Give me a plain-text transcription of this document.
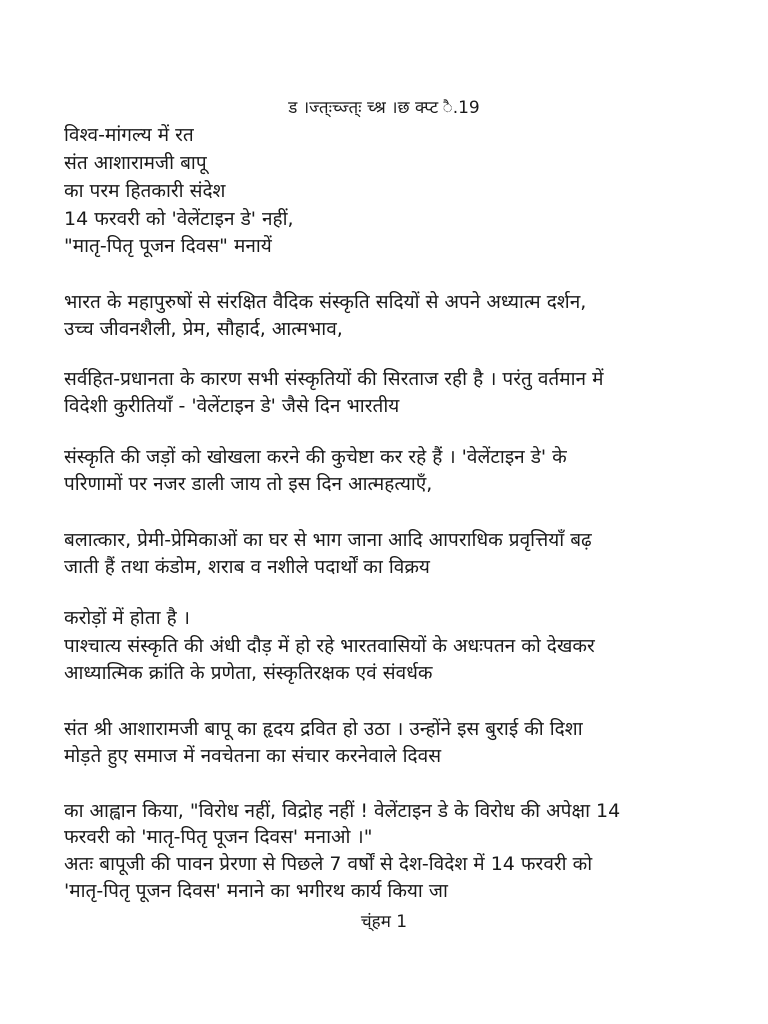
ड ।ज्त्ःच्ज्त्ः च्श्र ।छ क्प्ट ै.19
विश्व-मांगल्य में रत
संत आशारामजी बापू
का परम हितकारी संदेश
14 फरवरी को 'वेलेंटाइन डे' नहीं,
"मातृ-पितृ पूजन दिवस" मनायें
भारत के महापुरुषों से संरक्षित वैदिक संस्कृति सदियों से अपने अध्यात्म दर्शन,
उच्च जीवनशैली, प्रेम, सौहार्द, आत्मभाव,
सर्वहित-प्रधानता के कारण सभी संस्कृतियों की सिरताज रही है । परंतु वर्तमान में
विदेशी कुरीतियाँ - 'वेलेंटाइन डे' जैसे दिन भारतीय
संस्कृति की जड़ों को खोखला करने की कुचेष्टा कर रहे हैं । 'वेलेंटाइन डे' के
परिणामों पर नजर डाली जाय तो इस दिन आत्महत्याएँ,
बलात्कार, प्रेमी-प्रेमिकाओं का घर से भाग जाना आदि आपराधिक प्रवृत्तियाँ बढ़
जाती हैं तथा कंडोम, शराब व नशीले पदार्थों का विक्रय
करोड़ों में होता है ।
पाश्चात्य संस्कृति की अंधी दौड़ में हो रहे भारतवासियों के अधःपतन को देखकर
आध्यात्मिक क्रांति के प्रणेता, संस्कृतिरक्षक एवं संवर्धक
संत श्री आशारामजी बापू का हृदय द्रवित हो उठा । उन्होंने इस बुराई की दिशा
मोड़ते हुए समाज में नवचेतना का संचार करनेवाले दिवस
का आह्वान किया, "विरोध नहीं, विद्रोह नहीं ! वेलेंटाइन डे के विरोध की अपेक्षा 14
फरवरी को 'मातृ-पितृ पूजन दिवस' मनाओ ।"
अतः बापूजी की पावन प्रेरणा से पिछले 7 वर्षों से देश-विदेश में 14 फरवरी को
'मातृ-पितृ पूजन दिवस' मनाने का भगीरथ कार्य किया जा
च्ंहम 1
